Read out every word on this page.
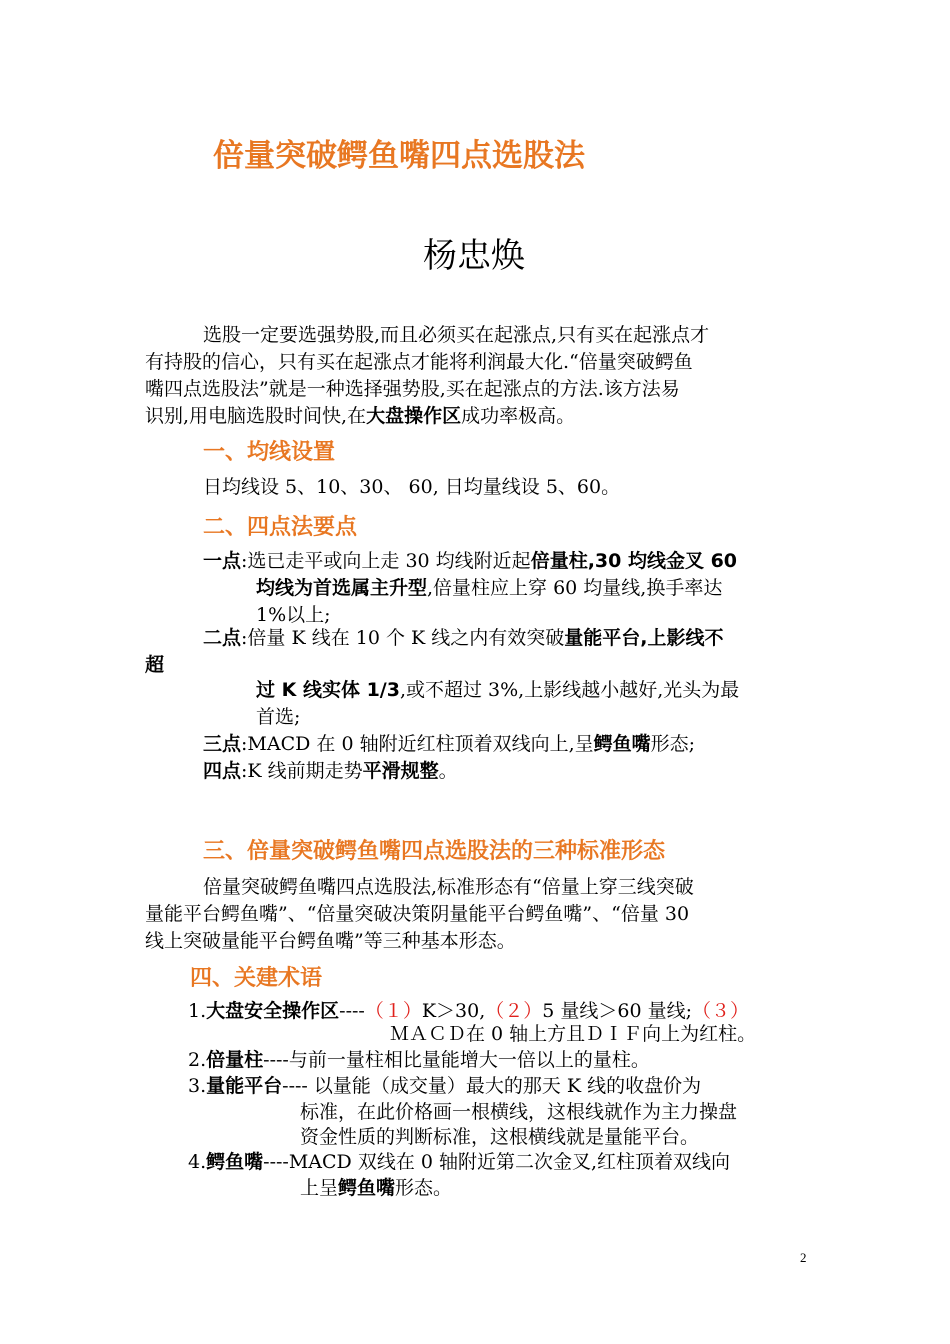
倍量突破鳄鱼嘴四点选股法
杨忠焕
选股一定要选强势股,而且必须买在起涨点,只有买在起涨点才
有持股的信心，只有买在起涨点才能将利润最大化.“倍量突破鳄鱼
嘴四点选股法”就是一种选择强势股,买在起涨点的方法.该方法易
识别,用电脑选股时间快,在大盘操作区成功率极高。
一、均线设置
日均线设 5、10、30、 60, 日均量线设 5、60。
二、四点法要点
一点:选已走平或向上走 30 均线附近起倍量柱,30 均线金叉 60
均线为首选属主升型,倍量柱应上穿 60 均量线,换手率达
1%以上;
二点:倍量 K 线在 10 个 K 线之内有效突破量能平台,上影线不
超
过 K 线实体 1/3,或不超过 3%,上影线越小越好,光头为最
首选;
三点:MACD 在 0 轴附近红柱顶着双线向上,呈鳄鱼嘴形态;
四点:K 线前期走势平滑规整。
三、倍量突破鳄鱼嘴四点选股法的三种标准形态
倍量突破鳄鱼嘴四点选股法,标准形态有“倍量上穿三线突破
量能平台鳄鱼嘴”、“倍量突破决策阴量能平台鳄鱼嘴”、“倍量 30
线上突破量能平台鳄鱼嘴”等三种基本形态。
四、关建术语
1.大盘安全操作区----（１）K＞30,（２）5 量线＞60 量线;（３）
ＭＡＣＤ在 0 轴上方且ＤＩＦ向上为红柱。
2.倍量柱----与前一量柱相比量能增大一倍以上的量柱。
3.量能平台---- 以量能（成交量）最大的那天 K 线的收盘价为
标准，在此价格画一根横线，这根线就作为主力操盘
资金性质的判断标准，这根横线就是量能平台。
4.鳄鱼嘴----MACD 双线在 0 轴附近第二次金叉,红柱顶着双线向
上呈鳄鱼嘴形态。
2
